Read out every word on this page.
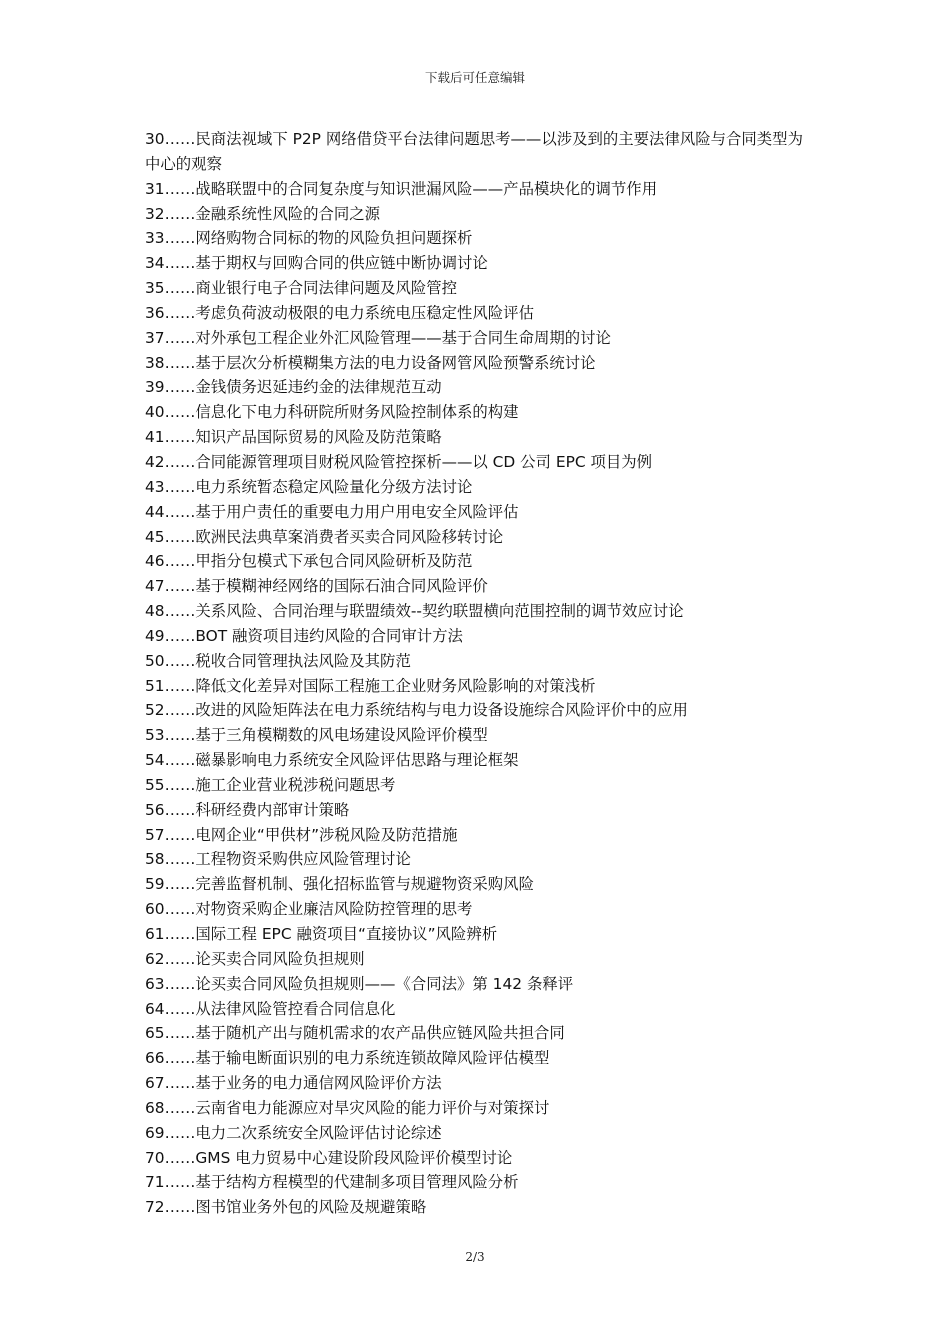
下载后可任意编辑
30……民商法视域下 P2P 网络借贷平台法律问题思考——以涉及到的主要法律风险与合同类型为中心的观察
31……战略联盟中的合同复杂度与知识泄漏风险——产品模块化的调节作用
32……金融系统性风险的合同之源
33……网络购物合同标的物的风险负担问题探析
34……基于期权与回购合同的供应链中断协调讨论
35……商业银行电子合同法律问题及风险管控
36……考虑负荷波动极限的电力系统电压稳定性风险评估
37……对外承包工程企业外汇风险管理——基于合同生命周期的讨论
38……基于层次分析模糊集方法的电力设备网管风险预警系统讨论
39……金钱债务迟延违约金的法律规范互动
40……信息化下电力科研院所财务风险控制体系的构建
41……知识产品国际贸易的风险及防范策略
42……合同能源管理项目财税风险管控探析——以 CD 公司 EPC 项目为例
43……电力系统暂态稳定风险量化分级方法讨论
44……基于用户责任的重要电力用户用电安全风险评估
45……欧洲民法典草案消费者买卖合同风险移转讨论
46……甲指分包模式下承包合同风险研析及防范
47……基于模糊神经网络的国际石油合同风险评价
48……关系风险、合同治理与联盟绩效--契约联盟横向范围控制的调节效应讨论
49……BOT 融资项目违约风险的合同审计方法
50……税收合同管理执法风险及其防范
51……降低文化差异对国际工程施工企业财务风险影响的对策浅析
52……改进的风险矩阵法在电力系统结构与电力设备设施综合风险评价中的应用
53……基于三角模糊数的风电场建设风险评价模型
54……磁暴影响电力系统安全风险评估思路与理论框架
55……施工企业营业税涉税问题思考
56……科研经费内部审计策略
57……电网企业“甲供材”涉税风险及防范措施
58……工程物资采购供应风险管理讨论
59……完善监督机制、强化招标监管与规避物资采购风险
60……对物资采购企业廉洁风险防控管理的思考
61……国际工程 EPC 融资项目“直接协议”风险辨析
62……论买卖合同风险负担规则
63……论买卖合同风险负担规则——《合同法》第 142 条释评
64……从法律风险管控看合同信息化
65……基于随机产出与随机需求的农产品供应链风险共担合同
66……基于输电断面识别的电力系统连锁故障风险评估模型
67……基于业务的电力通信网风险评价方法
68……云南省电力能源应对旱灾风险的能力评价与对策探讨
69……电力二次系统安全风险评估讨论综述
70……GMS 电力贸易中心建设阶段风险评价模型讨论
71……基于结构方程模型的代建制多项目管理风险分析
72……图书馆业务外包的风险及规避策略
2/3
